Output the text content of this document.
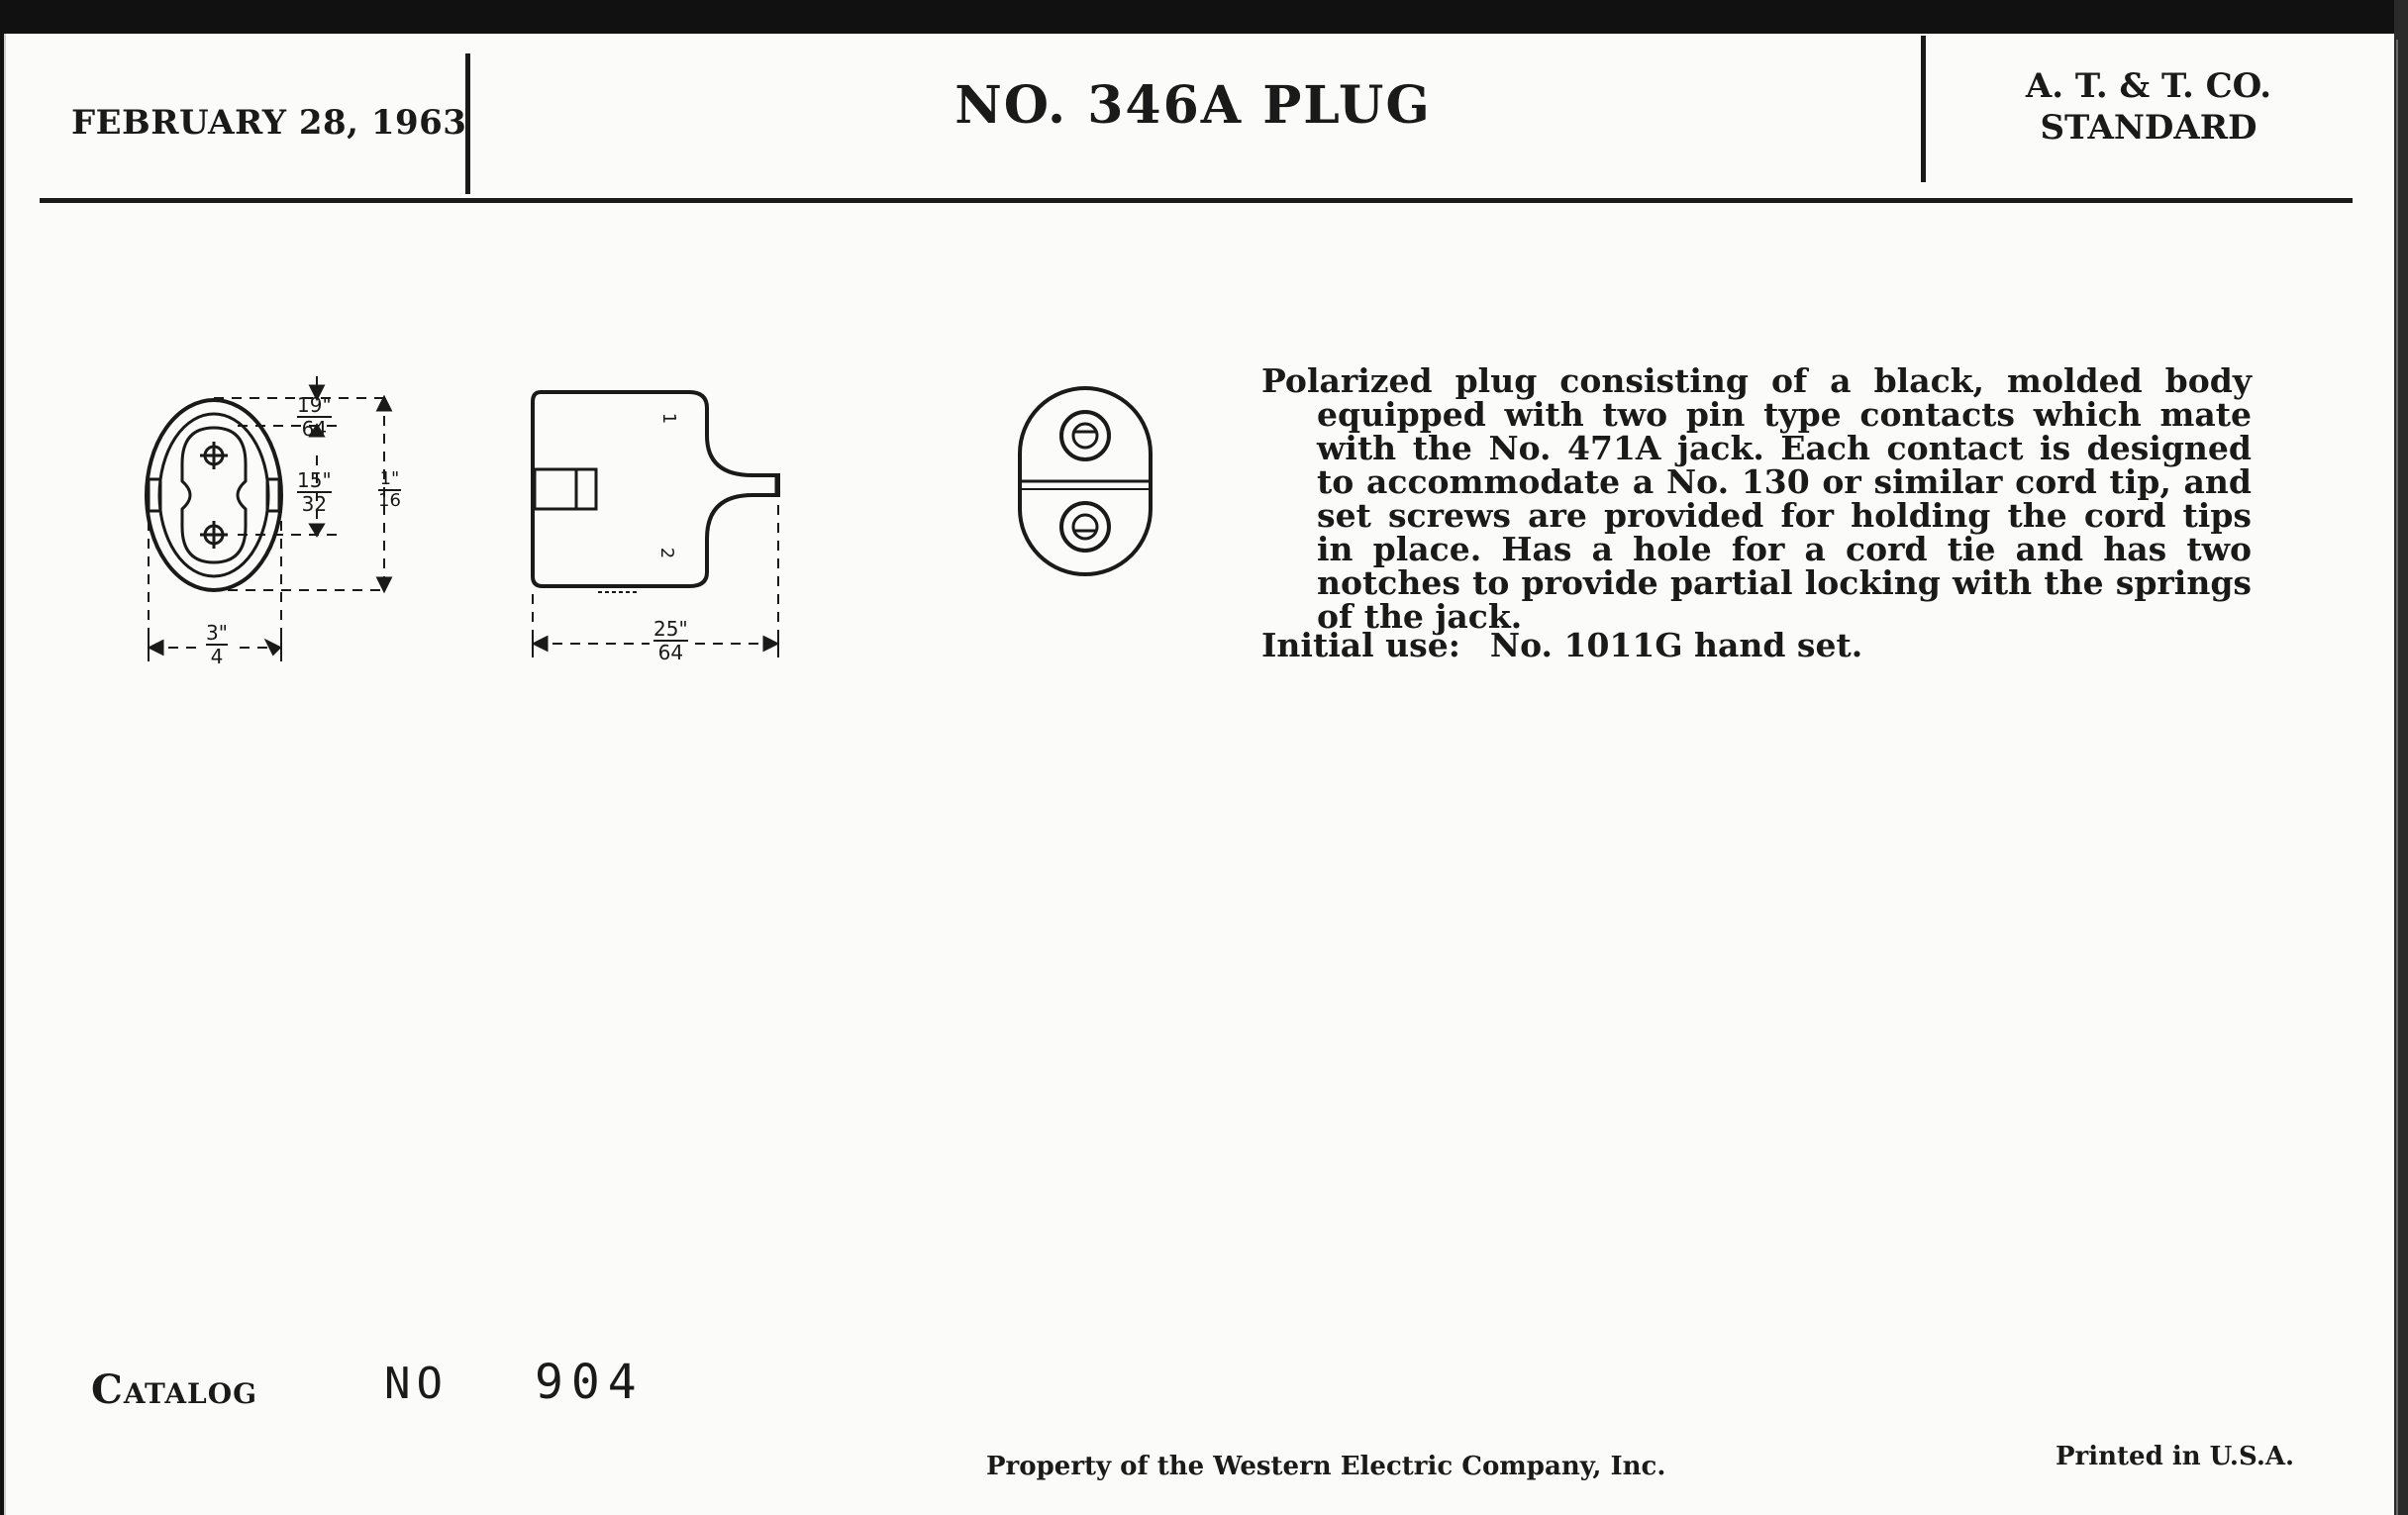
FEBRUARY 28, 1963	NO. 346A PLUG	A. T. & T. CO.
STANDARD
$\frac{19"}{64}$
$\frac{15"}{32}$	$\frac{1"}{16}$
$\frac{3"}{4}$
1
2
$\frac{25"}{64}$

Polarized plug consisting of a black, molded body equipped with two pin type contacts which mate with the No. 471A jack. Each contact is designed to accommodate a No. 130 or similar cord tip, and set screws are provided for holding the cord tips in place. Has a hole for a cord tie and has two notches to provide partial locking with the springs of the jack.

Initial use: No. 1011G hand set.
Catalog	NO 904
Property of the Western Electric Company, Inc.	Printed in U.S.A.
